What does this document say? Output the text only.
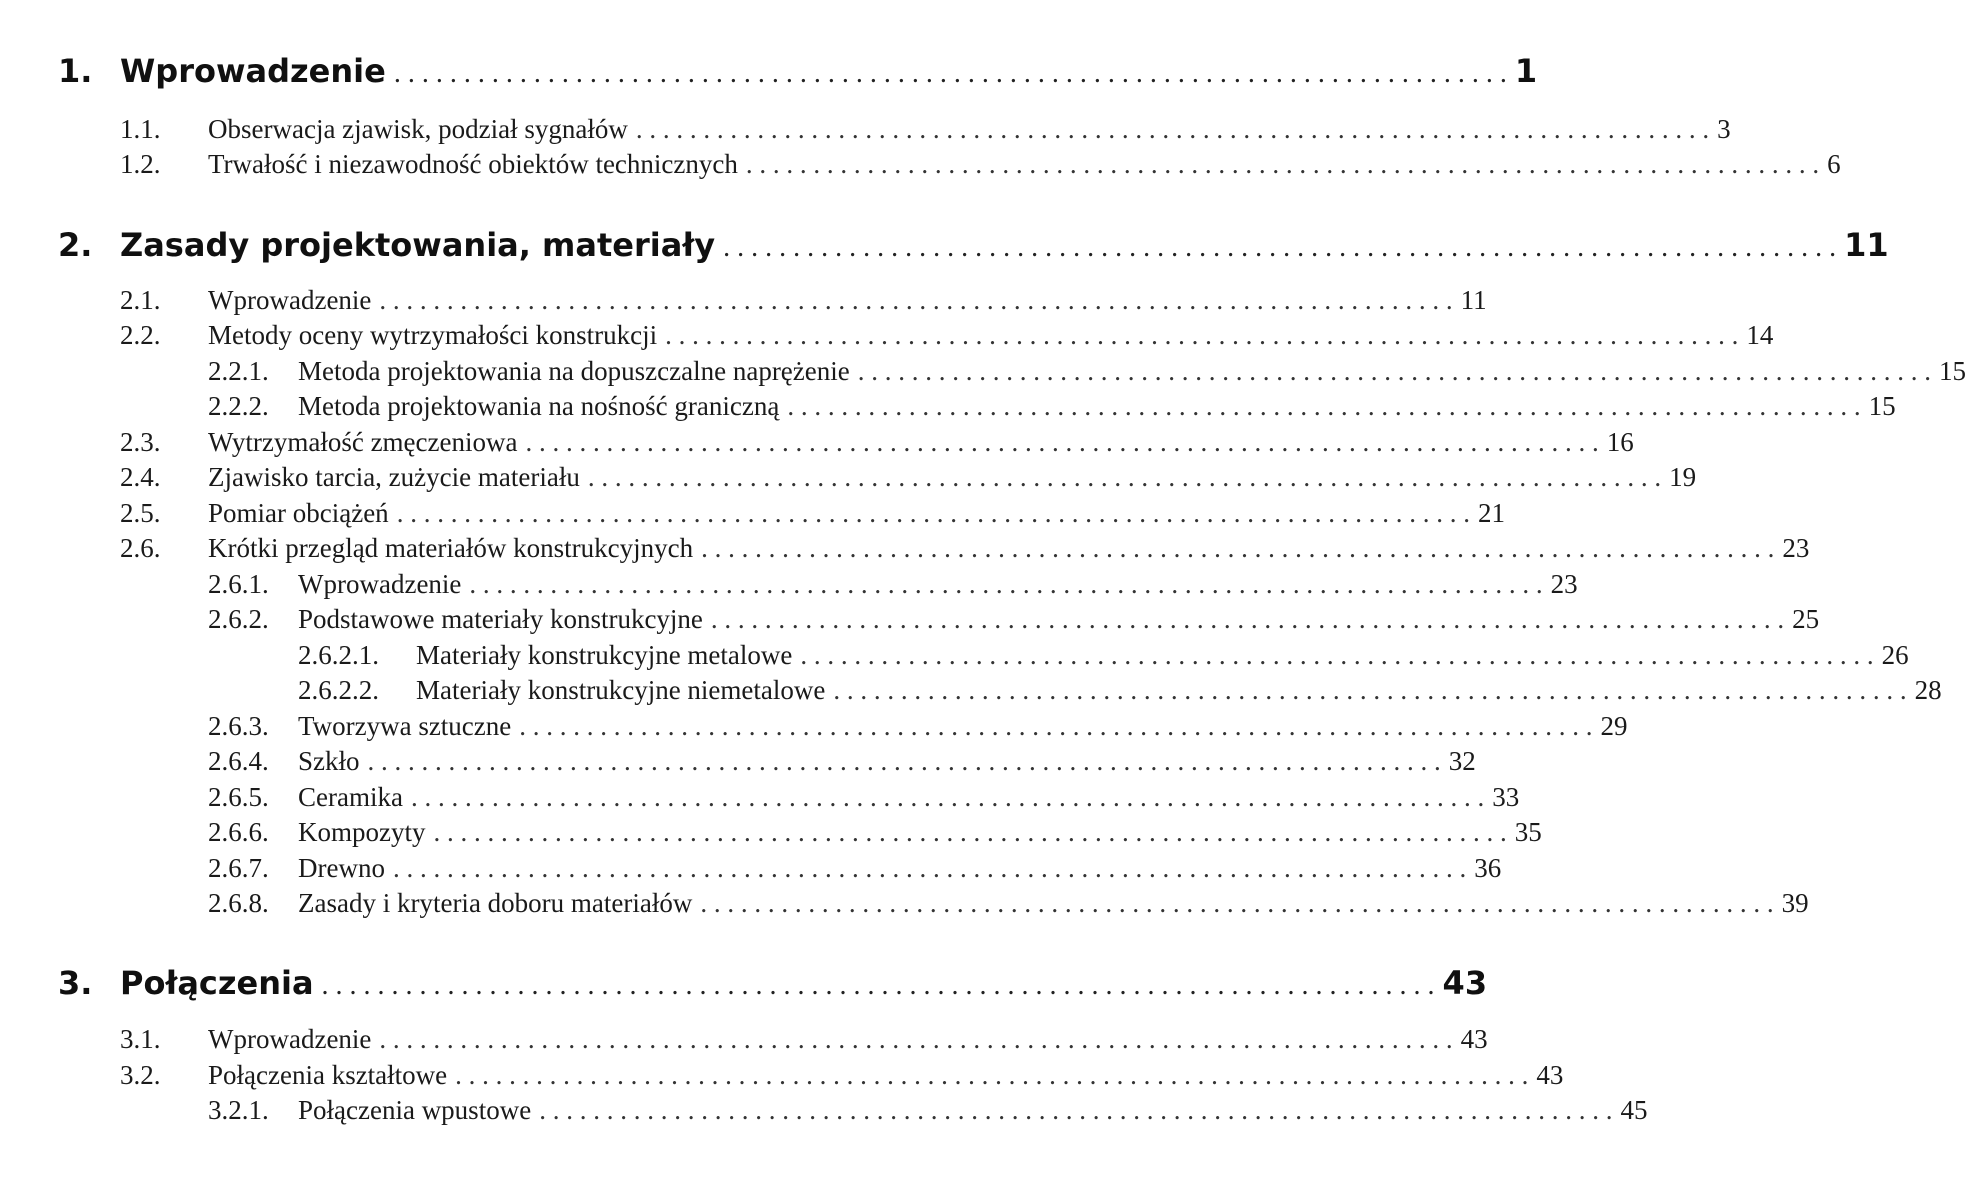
1. Wprowadzenie . . . . . . . . . . . . . . . . . . . . . . . . . . . . . . . . . . . . . . . . . . . . . . . . . . . . . . . . . . . . . . . . . . . . . . . . . . . . . . . . 1
1.1. Obserwacja zjawisk, podział sygnałów . . . . . . . . . . . . . . . . . . . . . . . . . . . . . . . . . . . . . . . . . . . . . . . . . . . . . . . . . . . . . . . . . . . . . . . . . . . . . . . . 3
1.2. Trwałość i niezawodność obiektów technicznych . . . . . . . . . . . . . . . . . . . . . . . . . . . . . . . . . . . . . . . . . . . . . . . . . . . . . . . . . . . . . . . . . . . . . . . . . . . . . . . . 6
2. Zasady projektowania, materiały . . . . . . . . . . . . . . . . . . . . . . . . . . . . . . . . . . . . . . . . . . . . . . . . . . . . . . . . . . . . . . . . . . . . . . . . . . . . . . . . 11
2.1. Wprowadzenie . . . . . . . . . . . . . . . . . . . . . . . . . . . . . . . . . . . . . . . . . . . . . . . . . . . . . . . . . . . . . . . . . . . . . . . . . . . . . . . . 11
2.2. Metody oceny wytrzymałości konstrukcji . . . . . . . . . . . . . . . . . . . . . . . . . . . . . . . . . . . . . . . . . . . . . . . . . . . . . . . . . . . . . . . . . . . . . . . . . . . . . . . . 14
2.2.1. Metoda projektowania na dopuszczalne naprężenie . . . . . . . . . . . . . . . . . . . . . . . . . . . . . . . . . . . . . . . . . . . . . . . . . . . . . . . . . . . . . . . . . . . . . . . . . . . . . . . . 15
2.2.2. Metoda projektowania na nośność graniczną . . . . . . . . . . . . . . . . . . . . . . . . . . . . . . . . . . . . . . . . . . . . . . . . . . . . . . . . . . . . . . . . . . . . . . . . . . . . . . . . 15
2.3. Wytrzymałość zmęczeniowa . . . . . . . . . . . . . . . . . . . . . . . . . . . . . . . . . . . . . . . . . . . . . . . . . . . . . . . . . . . . . . . . . . . . . . . . . . . . . . . . 16
2.4. Zjawisko tarcia, zużycie materiału . . . . . . . . . . . . . . . . . . . . . . . . . . . . . . . . . . . . . . . . . . . . . . . . . . . . . . . . . . . . . . . . . . . . . . . . . . . . . . . . 19
2.5. Pomiar obciążeń . . . . . . . . . . . . . . . . . . . . . . . . . . . . . . . . . . . . . . . . . . . . . . . . . . . . . . . . . . . . . . . . . . . . . . . . . . . . . . . . 21
2.6. Krótki przegląd materiałów konstrukcyjnych . . . . . . . . . . . . . . . . . . . . . . . . . . . . . . . . . . . . . . . . . . . . . . . . . . . . . . . . . . . . . . . . . . . . . . . . . . . . . . . . 23
2.6.1. Wprowadzenie . . . . . . . . . . . . . . . . . . . . . . . . . . . . . . . . . . . . . . . . . . . . . . . . . . . . . . . . . . . . . . . . . . . . . . . . . . . . . . . . 23
2.6.2. Podstawowe materiały konstrukcyjne . . . . . . . . . . . . . . . . . . . . . . . . . . . . . . . . . . . . . . . . . . . . . . . . . . . . . . . . . . . . . . . . . . . . . . . . . . . . . . . . 25
2.6.2.1. Materiały konstrukcyjne metalowe . . . . . . . . . . . . . . . . . . . . . . . . . . . . . . . . . . . . . . . . . . . . . . . . . . . . . . . . . . . . . . . . . . . . . . . . . . . . . . . . 26
2.6.2.2. Materiały konstrukcyjne niemetalowe . . . . . . . . . . . . . . . . . . . . . . . . . . . . . . . . . . . . . . . . . . . . . . . . . . . . . . . . . . . . . . . . . . . . . . . . . . . . . . . . 28
2.6.3. Tworzywa sztuczne . . . . . . . . . . . . . . . . . . . . . . . . . . . . . . . . . . . . . . . . . . . . . . . . . . . . . . . . . . . . . . . . . . . . . . . . . . . . . . . . 29
2.6.4. Szkło . . . . . . . . . . . . . . . . . . . . . . . . . . . . . . . . . . . . . . . . . . . . . . . . . . . . . . . . . . . . . . . . . . . . . . . . . . . . . . . . 32
2.6.5. Ceramika . . . . . . . . . . . . . . . . . . . . . . . . . . . . . . . . . . . . . . . . . . . . . . . . . . . . . . . . . . . . . . . . . . . . . . . . . . . . . . . . 33
2.6.6. Kompozyty . . . . . . . . . . . . . . . . . . . . . . . . . . . . . . . . . . . . . . . . . . . . . . . . . . . . . . . . . . . . . . . . . . . . . . . . . . . . . . . . 35
2.6.7. Drewno . . . . . . . . . . . . . . . . . . . . . . . . . . . . . . . . . . . . . . . . . . . . . . . . . . . . . . . . . . . . . . . . . . . . . . . . . . . . . . . . 36
2.6.8. Zasady i kryteria doboru materiałów . . . . . . . . . . . . . . . . . . . . . . . . . . . . . . . . . . . . . . . . . . . . . . . . . . . . . . . . . . . . . . . . . . . . . . . . . . . . . . . . 39
3. Połączenia . . . . . . . . . . . . . . . . . . . . . . . . . . . . . . . . . . . . . . . . . . . . . . . . . . . . . . . . . . . . . . . . . . . . . . . . . . . . . . . . 43
3.1. Wprowadzenie . . . . . . . . . . . . . . . . . . . . . . . . . . . . . . . . . . . . . . . . . . . . . . . . . . . . . . . . . . . . . . . . . . . . . . . . . . . . . . . . 43
3.2. Połączenia kształtowe . . . . . . . . . . . . . . . . . . . . . . . . . . . . . . . . . . . . . . . . . . . . . . . . . . . . . . . . . . . . . . . . . . . . . . . . . . . . . . . . 43
3.2.1. Połączenia wpustowe . . . . . . . . . . . . . . . . . . . . . . . . . . . . . . . . . . . . . . . . . . . . . . . . . . . . . . . . . . . . . . . . . . . . . . . . . . . . . . . . 45
